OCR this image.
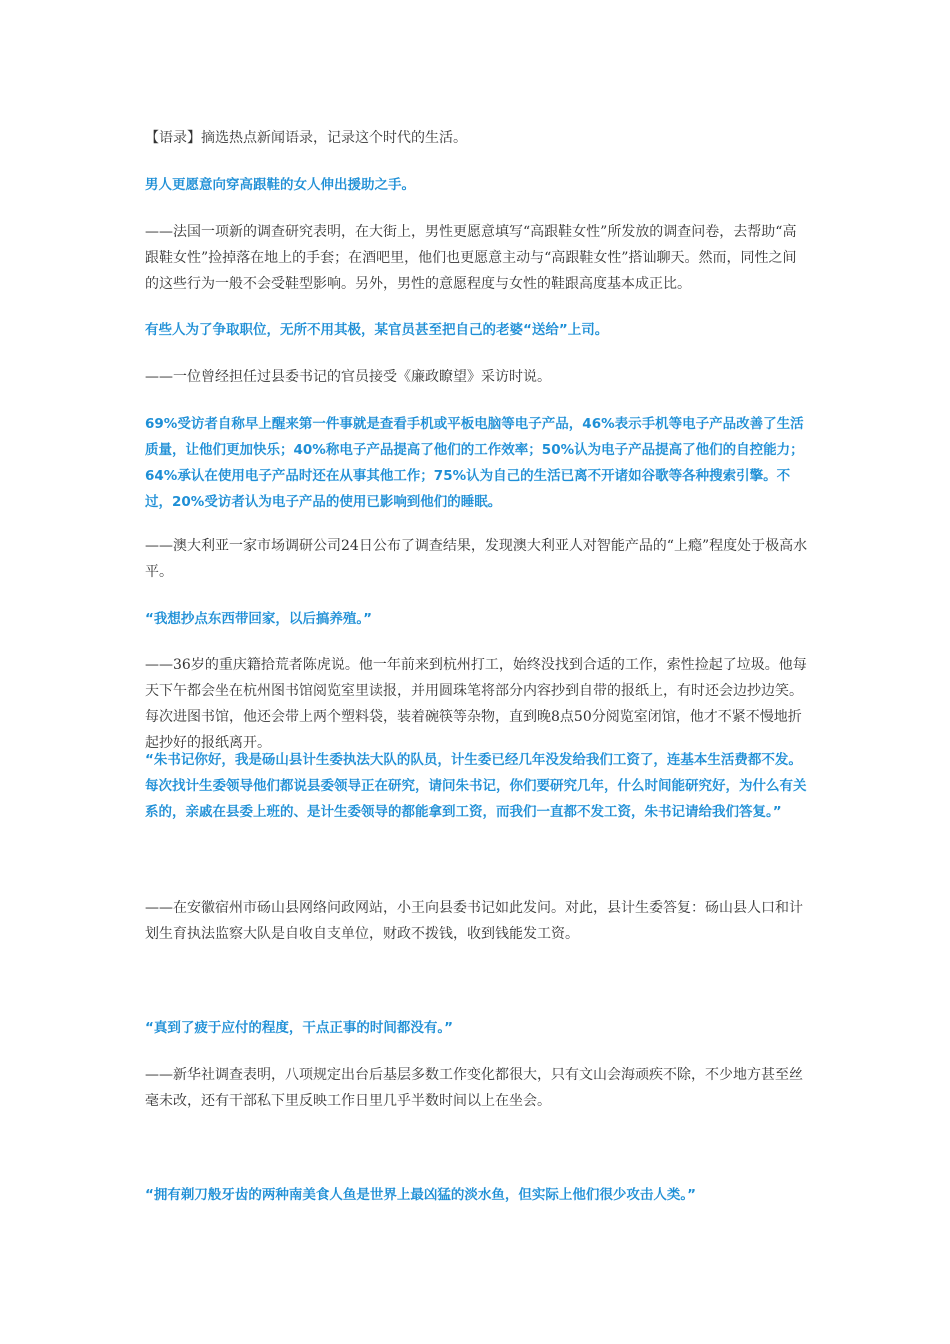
【语录】摘选热点新闻语录，记录这个时代的生活。

男人更愿意向穿高跟鞋的女人伸出援助之手。

——法国一项新的调查研究表明，在大街上，男性更愿意填写“高跟鞋女性”所发放的调查问卷，去帮助“高跟鞋女性”捡掉落在地上的手套；在酒吧里，他们也更愿意主动与“高跟鞋女性”搭讪聊天。然而，同性之间的这些行为一般不会受鞋型影响。另外，男性的意愿程度与女性的鞋跟高度基本成正比。

有些人为了争取职位，无所不用其极，某官员甚至把自己的老婆“送给”上司。

——一位曾经担任过县委书记的官员接受《廉政瞭望》采访时说。

69%受访者自称早上醒来第一件事就是查看手机或平板电脑等电子产品，46%表示手机等电子产品改善了生活质量，让他们更加快乐；40%称电子产品提高了他们的工作效率；50%认为电子产品提高了他们的自控能力；64%承认在使用电子产品时还在从事其他工作；75%认为自己的生活已离不开诸如谷歌等各种搜索引擎。不过，20%受访者认为电子产品的使用已影响到他们的睡眠。

——澳大利亚一家市场调研公司24日公布了调查结果，发现澳大利亚人对智能产品的“上瘾”程度处于极高水平。

“我想抄点东西带回家，以后搞养殖。”

——36岁的重庆籍拾荒者陈虎说。他一年前来到杭州打工，始终没找到合适的工作，索性捡起了垃圾。他每天下午都会坐在杭州图书馆阅览室里读报，并用圆珠笔将部分内容抄到自带的报纸上，有时还会边抄边笑。每次进图书馆，他还会带上两个塑料袋，装着碗筷等杂物，直到晚8点50分阅览室闭馆，他才不紧不慢地折起抄好的报纸离开。

“朱书记你好，我是砀山县计生委执法大队的队员，计生委已经几年没发给我们工资了，连基本生活费都不发。每次找计生委领导他们都说县委领导正在研究，请问朱书记，你们要研究几年，什么时间能研究好，为什么有关系的，亲戚在县委上班的、是计生委领导的都能拿到工资，而我们一直都不发工资，朱书记请给我们答复。”

——在安徽宿州市砀山县网络问政网站，小王向县委书记如此发问。对此，县计生委答复：砀山县人口和计划生育执法监察大队是自收自支单位，财政不拨钱，收到钱能发工资。

“真到了疲于应付的程度，干点正事的时间都没有。”

——新华社调查表明，八项规定出台后基层多数工作变化都很大，只有文山会海顽疾不除，不少地方甚至丝毫未改，还有干部私下里反映工作日里几乎半数时间以上在坐会。

“拥有剃刀般牙齿的两种南美食人鱼是世界上最凶猛的淡水鱼，但实际上他们很少攻击人类。”
